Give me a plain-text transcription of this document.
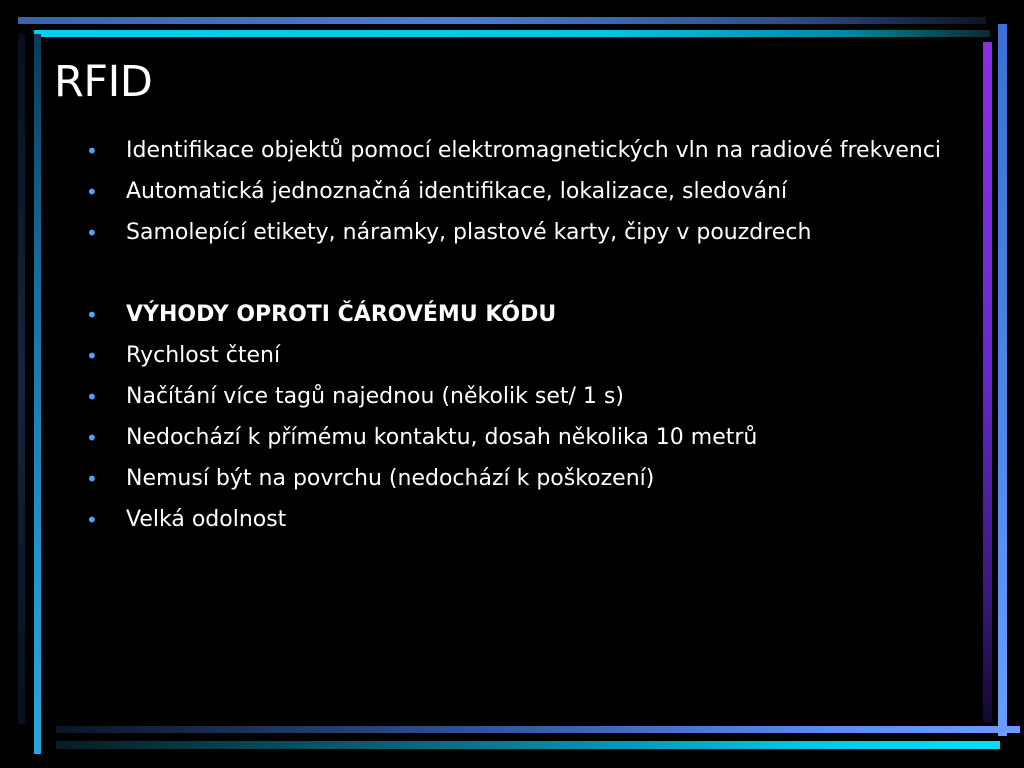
RFID
•	Identifikace objektů pomocí elektromagnetických vln na radiové frekvenci
•	Automatická jednoznačná identifikace, lokalizace, sledování
•	Samolepící etikety, náramky, plastové karty, čipy v pouzdrech
•	VÝHODY OPROTI ČÁROVÉMU KÓDU
•	Rychlost čtení
•	Načítání více tagů najednou (několik set/ 1 s)
•	Nedochází k přímému kontaktu, dosah několika 10 metrů
•	Nemusí být na povrchu (nedochází k poškození)
•	Velká odolnost
